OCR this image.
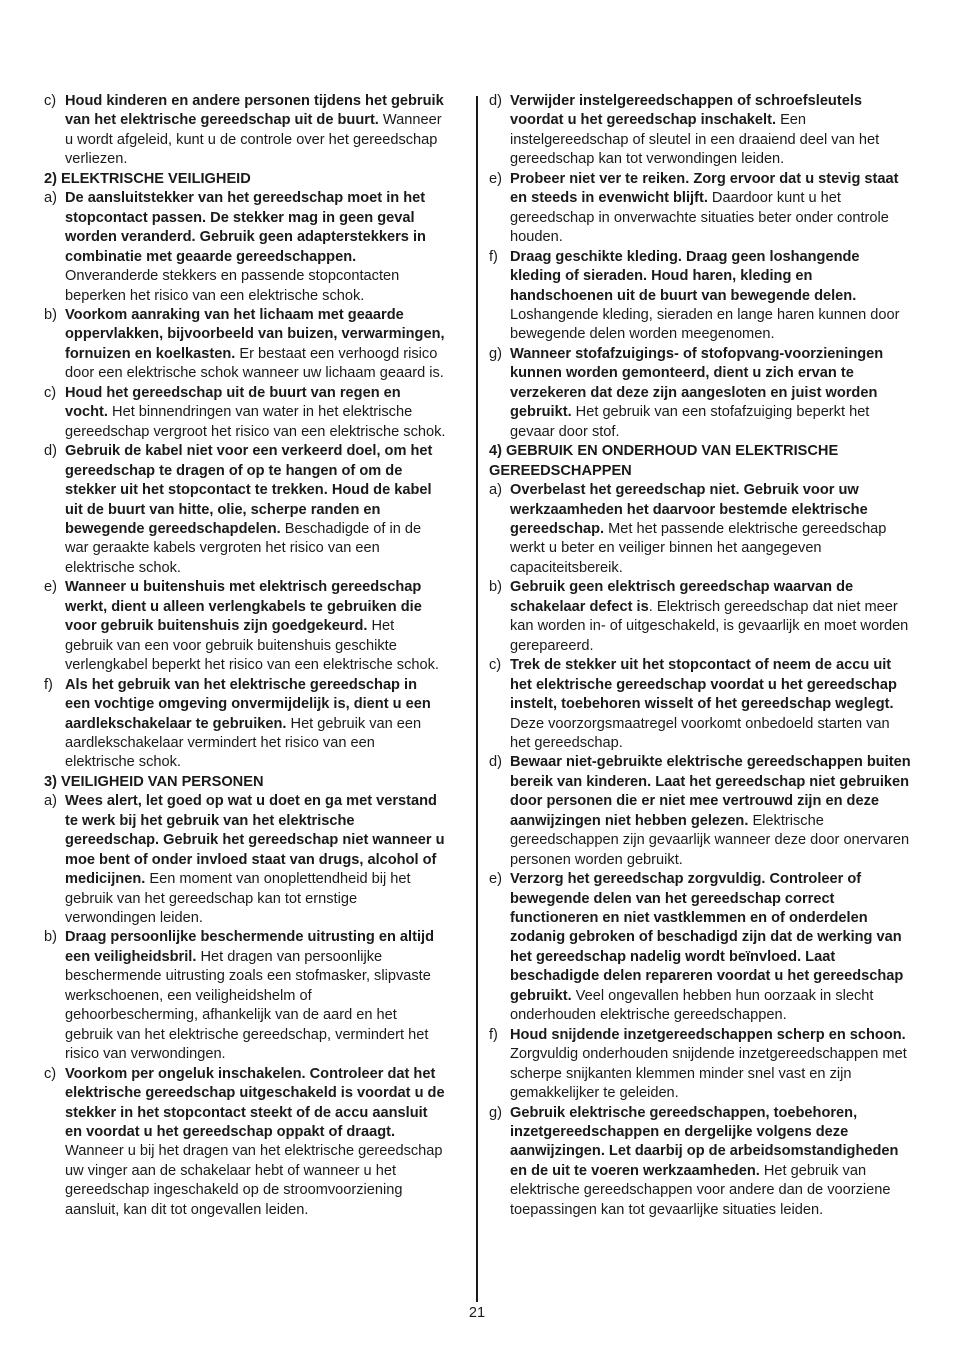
c) Houd kinderen en andere personen tijdens het gebruik van het elektrische gereedschap uit de buurt. Wanneer u wordt afgeleid, kunt u de controle over het gereedschap verliezen.
2) ELEKTRISCHE VEILIGHEID
a) De aansluitstekker van het gereedschap moet in het stopcontact passen. De stekker mag in geen geval worden veranderd. Gebruik geen adapterstekkers in combinatie met geaarde gereedschappen. Onveranderde stekkers en passende stopcontacten beperken het risico van een elektrische schok.
b) Voorkom aanraking van het lichaam met geaarde oppervlakken, bijvoorbeeld van buizen, verwarmingen, fornuizen en koelkasten. Er bestaat een verhoogd risico door een elektrische schok wanneer uw lichaam geaard is.
c) Houd het gereedschap uit de buurt van regen en vocht. Het binnendringen van water in het elektrische gereedschap vergroot het risico van een elektrische schok.
d) Gebruik de kabel niet voor een verkeerd doel, om het gereedschap te dragen of op te hangen of om de stekker uit het stopcontact te trekken. Houd de kabel uit de buurt van hitte, olie, scherpe randen en bewegende gereedschapdelen. Beschadigde of in de war geraakte kabels vergroten het risico van een elektrische schok.
e) Wanneer u buitenshuis met elektrisch gereedschap werkt, dient u alleen verlengkabels te gebruiken die voor gebruik buitenshuis zijn goedgekeurd. Het gebruik van een voor gebruik buitenshuis geschikte verlengkabel beperkt het risico van een elektrische schok.
f) Als het gebruik van het elektrische gereedschap in een vochtige omgeving onvermijdelijk is, dient u een aardlekschakelaar te gebruiken. Het gebruik van een aardlekschakelaar vermindert het risico van een elektrische schok.
3) VEILIGHEID VAN PERSONEN
a) Wees alert, let goed op wat u doet en ga met verstand te werk bij het gebruik van het elektrische gereedschap. Gebruik het gereedschap niet wanneer u moe bent of onder invloed staat van drugs, alcohol of medicijnen. Een moment van onoplettendheid bij het gebruik van het gereedschap kan tot ernstige verwondingen leiden.
b) Draag persoonlijke beschermende uitrusting en altijd een veiligheidsbril. Het dragen van persoonlijke beschermende uitrusting zoals een stofmasker, slipvaste werkschoenen, een veiligheidshelm of gehoorbescherming, afhankelijk van de aard en het gebruik van het elektrische gereedschap, vermindert het risico van verwondingen.
c) Voorkom per ongeluk inschakelen. Controleer dat het elektrische gereedschap uitgeschakeld is voordat u de stekker in het stopcontact steekt of de accu aansluit en voordat u het gereedschap oppakt of draagt. Wanneer u bij het dragen van het elektrische gereedschap uw vinger aan de schakelaar hebt of wanneer u het gereedschap ingeschakeld op de stroomvoorziening aansluit, kan dit tot ongevallen leiden.
d) Verwijder instelgereedschappen of schroefsleutels voordat u het gereedschap inschakelt. Een instelgereedschap of sleutel in een draaiend deel van het gereedschap kan tot verwondingen leiden.
e) Probeer niet ver te reiken. Zorg ervoor dat u stevig staat en steeds in evenwicht blijft. Daardoor kunt u het gereedschap in onverwachte situaties beter onder controle houden.
f) Draag geschikte kleding. Draag geen loshangende kleding of sieraden. Houd haren, kleding en handschoenen uit de buurt van bewegende delen. Loshangende kleding, sieraden en lange haren kunnen door bewegende delen worden meegenomen.
g) Wanneer stofafzuigings- of stofopvang-voorzieningen kunnen worden gemonteerd, dient u zich ervan te verzekeren dat deze zijn aangesloten en juist worden gebruikt. Het gebruik van een stofafzuiging beperkt het gevaar door stof.
4) GEBRUIK EN ONDERHOUD VAN ELEKTRISCHE GEREEDSCHAPPEN
a) Overbelast het gereedschap niet. Gebruik voor uw werkzaamheden het daarvoor bestemde elektrische gereedschap. Met het passende elektrische gereedschap werkt u beter en veiliger binnen het aangegeven capaciteitsbereik.
b) Gebruik geen elektrisch gereedschap waarvan de schakelaar defect is. Elektrisch gereedschap dat niet meer kan worden in- of uitgeschakeld, is gevaarlijk en moet worden gerepareerd.
c) Trek de stekker uit het stopcontact of neem de accu uit het elektrische gereedschap voordat u het gereedschap instelt, toebehoren wisselt of het gereedschap weglegt. Deze voorzorgsmaatregel voorkomt onbedoeld starten van het gereedschap.
d) Bewaar niet-gebruikte elektrische gereedschappen buiten bereik van kinderen. Laat het gereedschap niet gebruiken door personen die er niet mee vertrouwd zijn en deze aanwijzingen niet hebben gelezen. Elektrische gereedschappen zijn gevaarlijk wanneer deze door onervaren personen worden gebruikt.
e) Verzorg het gereedschap zorgvuldig. Controleer of bewegende delen van het gereedschap correct functioneren en niet vastklemmen en of onderdelen zodanig gebroken of beschadigd zijn dat de werking van het gereedschap nadelig wordt beïnvloed. Laat beschadigde delen repareren voordat u het gereedschap gebruikt. Veel ongevallen hebben hun oorzaak in slecht onderhouden elektrische gereedschappen.
f) Houd snijdende inzetgereedschappen scherp en schoon. Zorgvuldig onderhouden snijdende inzetgereedschappen met scherpe snijkanten klemmen minder snel vast en zijn gemakkelijker te geleiden.
g) Gebruik elektrische gereedschappen, toebehoren, inzetgereedschappen en dergelijke volgens deze aanwijzingen. Let daarbij op de arbeidsomstandigheden en de uit te voeren werkzaamheden. Het gebruik van elektrische gereedschappen voor andere dan de voorziene toepassingen kan tot gevaarlijke situaties leiden.
21
